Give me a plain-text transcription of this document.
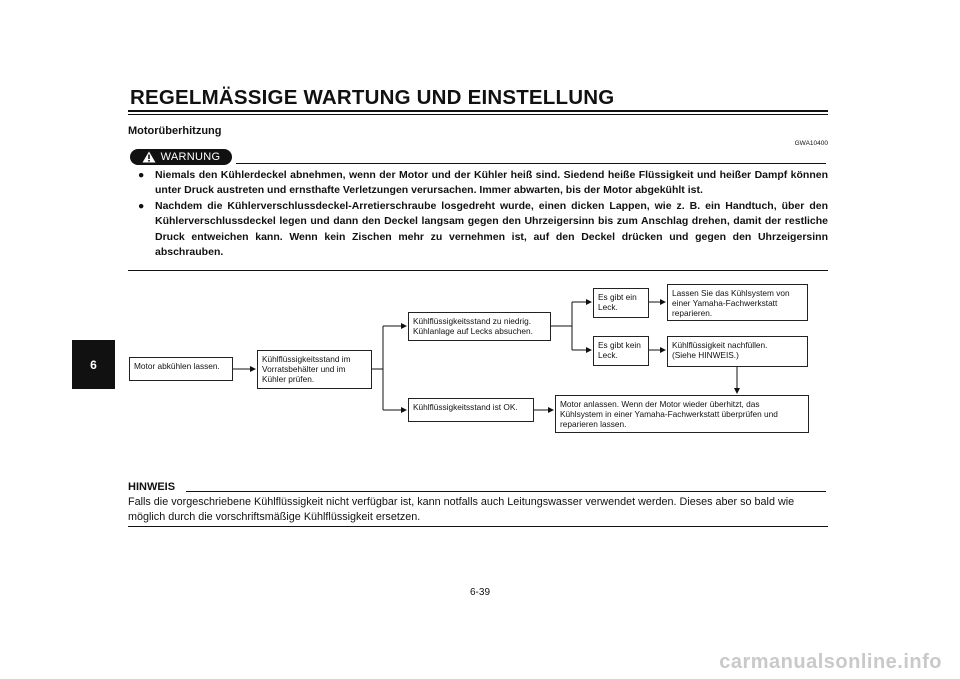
REGELMÄSSIGE WARTUNG UND EINSTELLUNG
Motorüberhitzung
GWA10400
WARNUNG
● Niemals den Kühlerdeckel abnehmen, wenn der Motor und der Kühler heiß sind. Siedend heiße Flüssigkeit und heißer Dampf können unter Druck austreten und ernsthafte Verletzungen verursachen. Immer abwarten, bis der Motor abgekühlt ist.
● Nachdem die Kühlerverschlussdeckel-Arretierschraube losgedreht wurde, einen dicken Lappen, wie z. B. ein Handtuch, über den Kühlerverschlussdeckel legen und dann den Deckel langsam gegen den Uhrzeigersinn bis zum Anschlag drehen, damit der restliche Druck entweichen kann. Wenn kein Zischen mehr zu vernehmen ist, auf den Deckel drücken und gegen den Uhrzeigersinn abschrauben.
6	Motor abkühlen lassen.
Kühlflüssigkeitsstand im
Vorratsbehälter und im
Kühler prüfen.
Kühlflüssigkeitsstand zu niedrig.
Kühlanlage auf Lecks absuchen.
Kühlflüssigkeitsstand ist OK.
Es gibt ein
Leck.
Es gibt kein
Leck.
Lassen Sie das Kühlsystem von
einer Yamaha-Fachwerkstatt
reparieren.
Kühlflüssigkeit nachfüllen.
(Siehe HINWEIS.)
Motor anlassen. Wenn der Motor wieder überhitzt, das
Kühlsystem in einer Yamaha-Fachwerkstatt überprüfen und
reparieren lassen.
HINWEIS
Falls die vorgeschriebene Kühlflüssigkeit nicht verfügbar ist, kann notfalls auch Leitungswasser verwendet werden. Dieses aber so bald wie möglich durch die vorschriftsmäßige Kühlflüssigkeit ersetzen.
6-39
carmanualsonline.info
